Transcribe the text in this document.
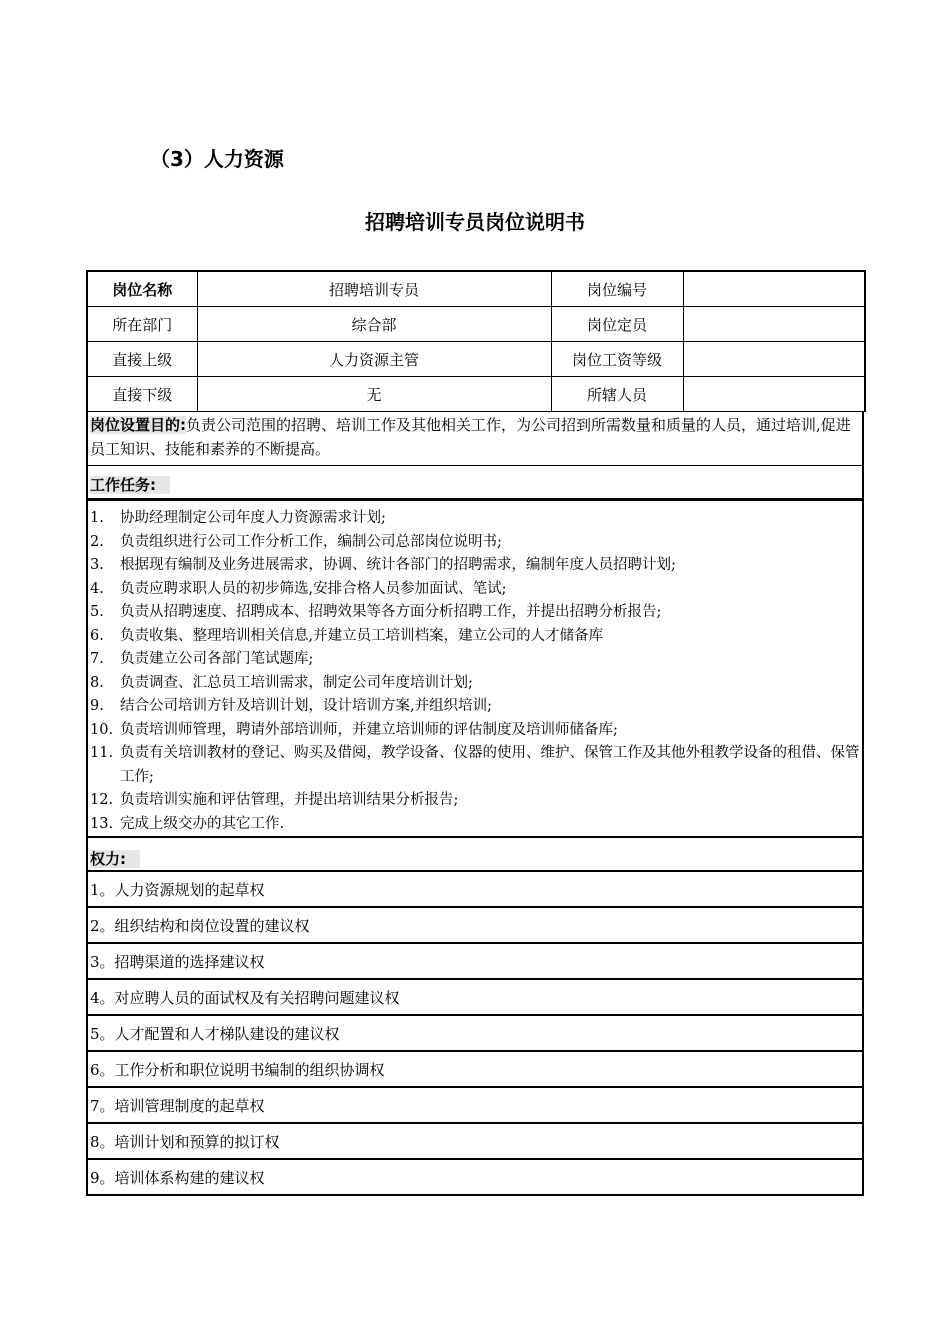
（3）人力资源
招聘培训专员岗位说明书
岗位名称	招聘培训专员	岗位编号	
所在部门	综合部	岗位定员	
直接上级	人力资源主管	岗位工资等级	
直接下级	无	所辖人员	
岗位设置目的:负责公司范围的招聘、培训工作及其他相关工作，为公司招到所需数量和质量的人员，通过培训,促进员工知识、技能和素养的不断提高。
工作任务:
1.	协助经理制定公司年度人力资源需求计划;
2.	负责组织进行公司工作分析工作，编制公司总部岗位说明书;
3.	根据现有编制及业务进展需求，协调、统计各部门的招聘需求，编制年度人员招聘计划;
4.	负责应聘求职人员的初步筛选,安排合格人员参加面试、笔试;
5.	负责从招聘速度、招聘成本、招聘效果等各方面分析招聘工作，并提出招聘分析报告;
6.	负责收集、整理培训相关信息,并建立员工培训档案，建立公司的人才储备库
7.	负责建立公司各部门笔试题库;
8.	负责调查、汇总员工培训需求，制定公司年度培训计划;
9.	结合公司培训方针及培训计划，设计培训方案,并组织培训;
10. 负责培训师管理，聘请外部培训师，并建立培训师的评估制度及培训师储备库;
11. 负责有关培训教材的登记、购买及借阅，教学设备、仪器的使用、维护、保管工作及其他外租教学设备的租借、保管工作;
12. 负责培训实施和评估管理，并提出培训结果分析报告;
13. 完成上级交办的其它工作.
权力:
1。人力资源规划的起草权
2。组织结构和岗位设置的建议权
3。招聘渠道的选择建议权
4。对应聘人员的面试权及有关招聘问题建议权
5。人才配置和人才梯队建设的建议权
6。工作分析和职位说明书编制的组织协调权
7。培训管理制度的起草权
8。培训计划和预算的拟订权
9。培训体系构建的建议权
